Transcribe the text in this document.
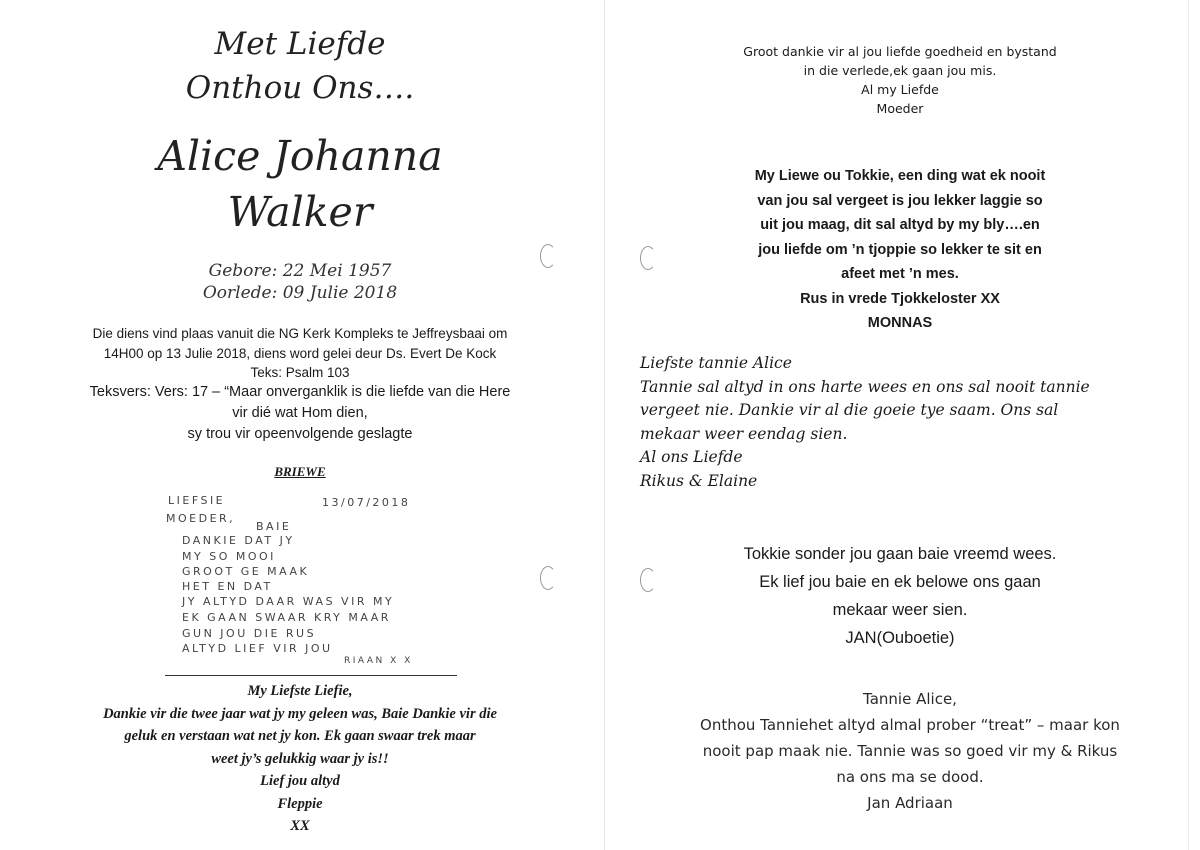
Met Liefde
Onthou Ons….
Alice Johanna
Walker
Gebore: 22 Mei 1957
Oorlede: 09 Julie 2018
Die diens vind plaas vanuit die NG Kerk Kompleks te Jeffreysbaai om
14H00 op 13 Julie 2018, diens word gelei deur Ds. Evert De Kock
Teks: Psalm 103
Teksvers: Vers: 17 – “Maar onverganklik is die liefde van die Here
vir dié wat Hom dien,
sy trou vir opeenvolgende geslagte
BRIEWE
LIEFSIE	13/07/2018
MOEDER,
BAIE
DANKIE DAT JY
MY SO MOOI
GROOT GE MAAK
HET EN DAT
JY ALTYD DAAR WAS VIR MY
EK GAAN SWAAR KRY MAAR
GUN JOU DIE RUS
ALTYD LIEF VIR JOU
RIAAN X X
My Liefste Liefie,
Dankie vir die twee jaar wat jy my geleen was, Baie Dankie vir die
geluk en verstaan wat net jy kon. Ek gaan swaar trek maar
weet jy’s gelukkig waar jy is!!
Lief jou altyd
Fleppie
XX
Groot dankie vir al jou liefde goedheid en bystand
in die verlede,ek gaan jou mis.
Al my Liefde
Moeder
My Liewe ou Tokkie, een ding wat ek nooit
van jou sal vergeet is jou lekker laggie so
uit jou maag, dit sal altyd by my bly….en
jou liefde om ’n tjoppie so lekker te sit en
afeet met ’n mes.
Rus in vrede Tjokkeloster XX
MONNAS
Liefste tannie Alice
Tannie sal altyd in ons harte wees en ons sal nooit tannie
vergeet nie. Dankie vir al die goeie tye saam. Ons sal
mekaar weer eendag sien.
Al ons Liefde
Rikus & Elaine
Tokkie sonder jou gaan baie vreemd wees.
Ek lief jou baie en ek belowe ons gaan
mekaar weer sien.
JAN(Ouboetie)
Tannie Alice,
Onthou Tanniehet altyd almal prober “treat” – maar kon
nooit pap maak nie. Tannie was so goed vir my & Rikus
na ons ma se dood.
Jan Adriaan
